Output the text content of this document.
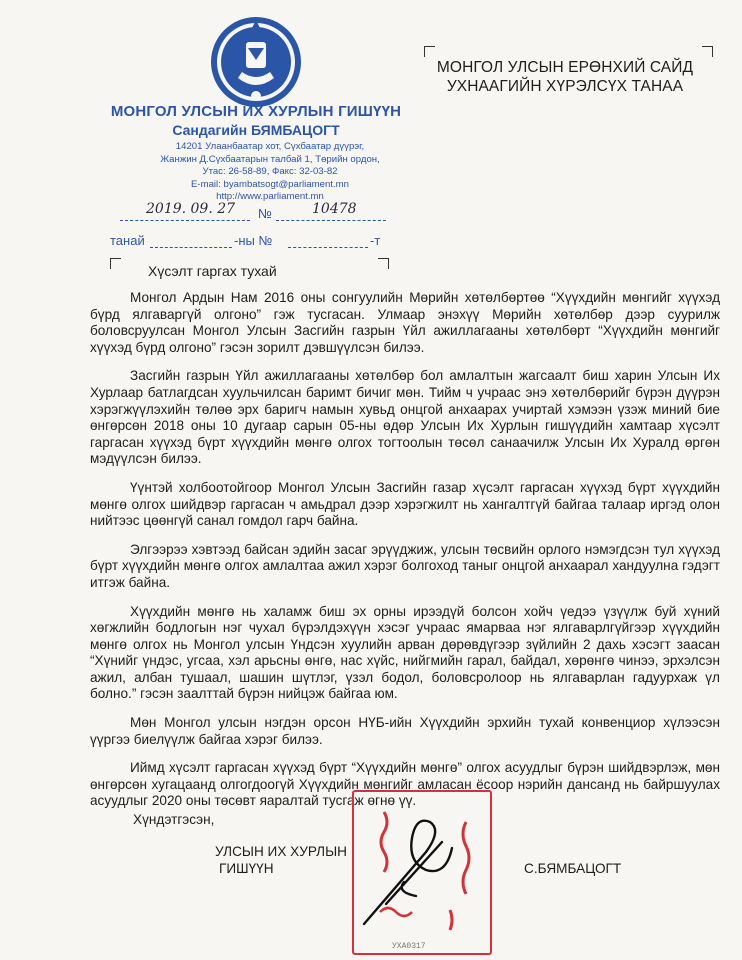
МОНГОЛ УЛСЫН ИХ ХУРЛЫН ГИШҮҮН
Сандагийн БЯМБАЦОГТ
14201 Улаанбаатар хот, Сүхбаатар дүүрэг,
Жанжин Д.Сүхбаатарын талбай 1, Төрийн ордон,
Утас: 26-58-89, Факс: 32-03-82
E-mail: byambatsogt@parliament.mn
http://www.parliament.mn
2019. 09. 27 №	10478
танай	-ны №	-т
МОНГОЛ УЛСЫН ЕРӨНХИЙ САЙД
УХНААГИЙН ХҮРЭЛСҮХ ТАНАА
Хүсэлт гаргах тухай

Монгол Ардын Нам 2016 оны сонгуулийн Мөрийн хөтөлбөртөө “Хүүхдийн мөнгийг хүүхэд бүрд ялгаваргүй олгоно” гэж тусгасан. Улмаар энэхүү Мөрийн хөтөлбөр дээр суурилж боловсруулсан Монгол Улсын Засгийн газрын Үйл ажиллагааны хөтөлбөрт “Хүүхдийн мөнгийг хүүхэд бүрд олгоно” гэсэн зорилт дэвшүүлсэн билээ.

Засгийн газрын Үйл ажиллагааны хөтөлбөр бол амлалтын жагсаалт биш харин Улсын Их Хурлаар батлагдсан хуульчилсан баримт бичиг мөн. Тийм ч учраас энэ хөтөлбөрийг бүрэн дүүрэн хэрэгжүүлэхийн төлөө эрх баригч намын хувьд онцгой анхаарах учиртай хэмээн үзэж миний бие өнгөрсөн 2018 оны 10 дугаар сарын 05-ны өдөр Улсын Их Хурлын гишүүдийн хамтаар хүсэлт гаргасан хүүхэд бүрт хүүхдийн мөнгө олгох тогтоолын төсөл санаачилж Улсын Их Хуралд өргөн мэдүүлсэн билээ.

Үүнтэй холбоотойгоор Монгол Улсын Засгийн газар хүсэлт гаргасан хүүхэд бүрт хүүхдийн мөнгө олгох шийдвэр гаргасан ч амьдрал дээр хэрэгжилт нь хангалтгүй байгаа талаар иргэд олон нийтээс цөөнгүй санал гомдол гарч байна.

Элгээрээ хэвтээд байсан эдийн засаг эрүүджиж, улсын төсвийн орлого нэмэгдсэн тул хүүхэд бүрт хүүхдийн мөнгө олгох амлалтаа ажил хэрэг болгоход таныг онцгой анхаарал хандуулна гэдэгт итгэж байна.

Хүүхдийн мөнгө нь халамж биш эх орны ирээдүй болсон хойч үедээ үзүүлж буй хүний хөгжлийн бодлогын нэг чухал бүрэлдэхүүн хэсэг учраас ямарваа нэг ялгаварлгүйгээр хүүхдийн мөнгө олгох нь Монгол улсын Үндсэн хуулийн арван дөрөвдүгээр зүйлийн 2 дахь хэсэгт заасан “Хүнийг үндэс, угсаа, хэл арьсны өнгө, нас хүйс, нийгмийн гарал, байдал, хөрөнгө чинээ, эрхэлсэн ажил, албан тушаал, шашин шүтлэг, үзэл бодол, боловсролоор нь ялгаварлан гадуурхаж үл болно.” гэсэн заалттай бүрэн нийцэж байгаа юм.

Мөн Монгол улсын нэгдэн орсон НҮБ-ийн Хүүхдийн эрхийн тухай конвенциор хүлээсэн үүргээ биелүүлж байгаа хэрэг билээ.

Иймд хүсэлт гаргасан хүүхэд бүрт “Хүүхдийн мөнгө” олгох асуудлыг бүрэн шийдвэрлэж, мөн өнгөрсөн хугацаанд олгогдоогүй Хүүхдийн мөнгийг амласан ёсоор нэрийн дансанд нь байршуулах асуудлыг 2020 оны төсөвт яаралтай тусгаж өгнө үү.

Хүндэтгэсэн,
УХА0317
УЛСЫН ИХ ХУРЛЫН
ГИШҮҮН	С.БЯМБАЦОГТ
